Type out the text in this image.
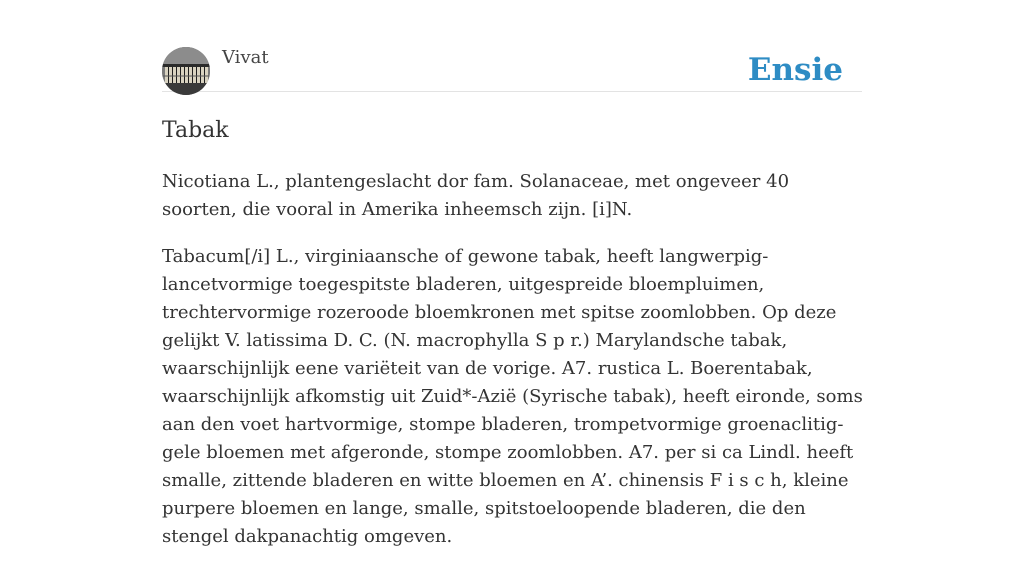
Vivat	Ensie
Tabak

Nicotiana L., plantengeslacht dor fam. Solanaceae, met ongeveer 40 soorten, die vooral in Amerika inheemsch zijn. [i]N.

Tabacum[/i] L., virginiaansche of gewone tabak, heeft langwerpig-lancetvormige toegespitste bladeren, uitgespreide bloempluimen, trechtervormige rozeroode bloemkronen met spitse zoomlobben. Op deze gelijkt V. latissima D. C. (N. macrophylla S p r.) Marylandsche tabak, waarschijnlijk eene variëteit van de vorige. A7. rustica L. Boerentabak, waarschijnlijk afkomstig uit Zuid*-Azië (Syrische tabak), heeft eironde, soms aan den voet hartvormige, stompe bladeren, trompetvormige groenaclitig-gele bloemen met afgeronde, stompe zoomlobben. A7. per si ca Lindl. heeft smalle, zittende bladeren en witte bloemen en A’. chinensis F i s c h, kleine purpere bloemen en lange, smalle, spitstoeloopende bladeren, die den stengel dakpanachtig omgeven.
